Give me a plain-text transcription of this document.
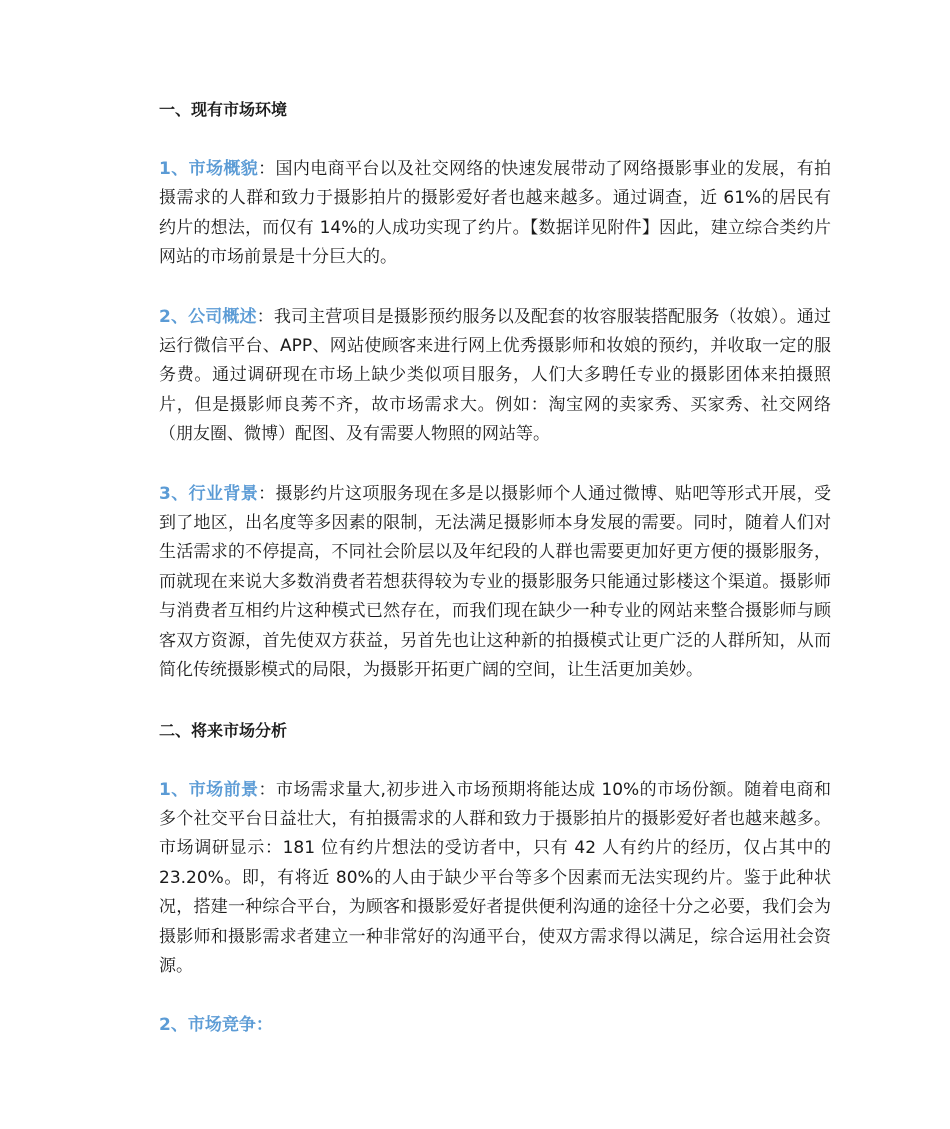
一、现有市场环境

1、市场概貌：国内电商平台以及社交网络的快速发展带动了网络摄影事业的发展，有拍摄需求的人群和致力于摄影拍片的摄影爱好者也越来越多。通过调查，近 61%的居民有约片的想法，而仅有 14%的人成功实现了约片。【数据详见附件】因此，建立综合类约片网站的市场前景是十分巨大的。

2、公司概述：我司主营项目是摄影预约服务以及配套的妆容服装搭配服务（妆娘）。通过运行微信平台、APP、网站使顾客来进行网上优秀摄影师和妆娘的预约，并收取一定的服务费。通过调研现在市场上缺少类似项目服务，人们大多聘任专业的摄影团体来拍摄照片，但是摄影师良莠不齐，故市场需求大。例如：淘宝网的卖家秀、买家秀、社交网络（朋友圈、微博）配图、及有需要人物照的网站等。

3、行业背景：摄影约片这项服务现在多是以摄影师个人通过微博、贴吧等形式开展，受到了地区，出名度等多因素的限制，无法满足摄影师本身发展的需要。同时，随着人们对生活需求的不停提高，不同社会阶层以及年纪段的人群也需要更加好更方便的摄影服务，而就现在来说大多数消费者若想获得较为专业的摄影服务只能通过影楼这个渠道。摄影师与消费者互相约片这种模式已然存在，而我们现在缺少一种专业的网站来整合摄影师与顾客双方资源，首先使双方获益，另首先也让这种新的拍摄模式让更广泛的人群所知，从而简化传统摄影模式的局限，为摄影开拓更广阔的空间，让生活更加美妙。

二、将来市场分析

1、市场前景：市场需求量大,初步进入市场预期将能达成 10%的市场份额。随着电商和多个社交平台日益壮大，有拍摄需求的人群和致力于摄影拍片的摄影爱好者也越来越多。市场调研显示：181 位有约片想法的受访者中，只有 42 人有约片的经历，仅占其中的 23.20%。即，有将近 80%的人由于缺少平台等多个因素而无法实现约片。鉴于此种状况，搭建一种综合平台，为顾客和摄影爱好者提供便利沟通的途径十分之必要，我们会为摄影师和摄影需求者建立一种非常好的沟通平台，使双方需求得以满足，综合运用社会资源。

2、市场竞争：
